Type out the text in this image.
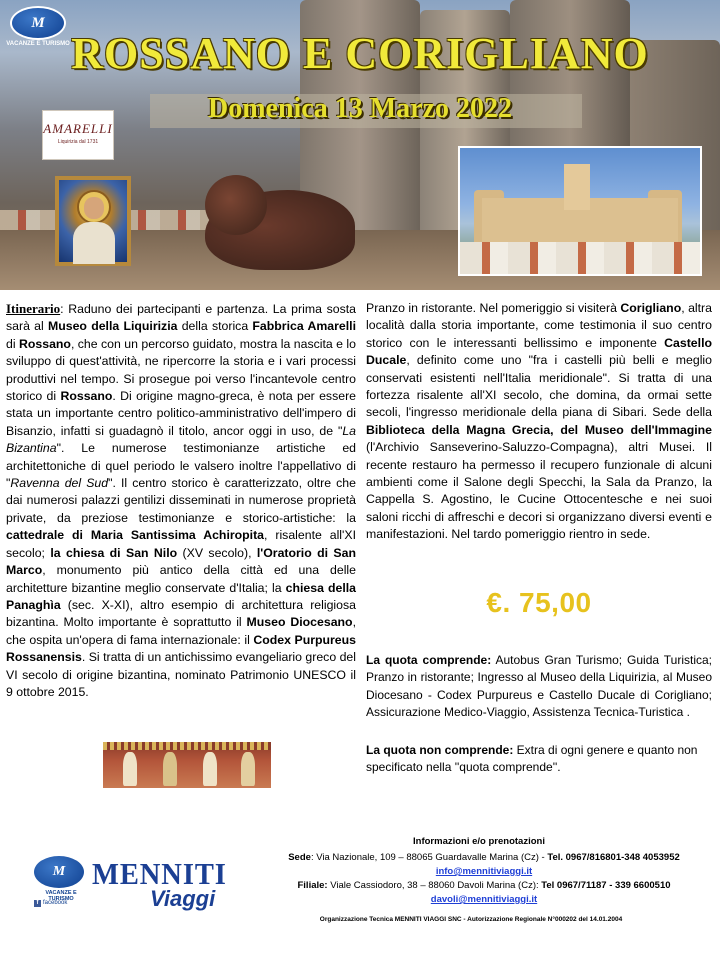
M
VACANZE E TURISMO ROSSANO E CORIGLIANO
Domenica 13 Marzo 2022
AMARELLI
Liquirizia dal 1731
Itinerario: Raduno dei partecipanti e partenza. La prima sosta sarà al Museo della Liquirizia della storica Fabbrica Amarelli di Rossano, che con un percorso guidato, mostra la nascita e lo sviluppo di quest'attività, ne ripercorre la storia e i vari processi produttivi nel tempo. Si prosegue poi verso l'incantevole centro storico di Rossano. Di origine magno-greca, è nota per essere stata un importante centro politico-amministrativo dell'impero di Bisanzio, infatti si guadagnò il titolo, ancor oggi in uso, de "La Bizantina". Le numerose testimonianze artistiche ed architettoniche di quel periodo le valsero inoltre l'appellativo di "Ravenna del Sud". Il centro storico è caratterizzato, oltre che dai numerosi palazzi gentilizi disseminati in numerose proprietà private, da preziose testimonianze e storico-artistiche: la cattedrale di Maria Santissima Achiropita, risalente all'XI secolo; la chiesa di San Nilo (XV secolo), l'Oratorio di San Marco, monumento più antico della città ed una delle architetture bizantine meglio conservate d'Italia; la chiesa della Panaghìa (sec. X-XI), altro esempio di architettura religiosa bizantina. Molto importante è soprattutto il Museo Diocesano, che ospita un'opera di fama internazionale: il Codex Purpureus Rossanensis. Si tratta di un antichissimo evangeliario greco del VI secolo di origine bizantina, nominato Patrimonio UNESCO il 9 ottobre 2015.
Pranzo in ristorante. Nel pomeriggio si visiterà Corigliano, altra località dalla storia importante, come testimonia il suo centro storico con le interessanti bellissimo e imponente Castello Ducale, definito come uno "fra i castelli più belli e meglio conservati esistenti nell'Italia meridionale". Si tratta di una fortezza risalente all'XI secolo, che domina, da ormai sette secoli, l'ingresso meridionale della piana di Sibari. Sede della Biblioteca della Magna Grecia, del Museo dell'Immagine (l'Archivio Sanseverino-Saluzzo-Compagna), altri Musei. Il recente restauro ha permesso il recupero funzionale di alcuni ambienti come il Salone degli Specchi, la Sala da Pranzo, la Cappella S. Agostino, le Cucine Ottocentesche e nei suoi saloni ricchi di affreschi e decori si organizzano diversi eventi e manifestazioni. Nel tardo pomeriggio rientro in sede.
€. 75,00
La quota comprende: Autobus Gran Turismo; Guida Turistica; Pranzo in ristorante; Ingresso al Museo della Liquirizia, al Museo Diocesano - Codex Purpureus e Castello Ducale di Corigliano; Assicurazione Medico-Viaggio, Assistenza Tecnica-Turistica .
La quota non comprende: Extra di ogni genere e quanto non specificato nella ''quota comprende''.
M
VACANZE E TURISMO
f facebook
MENNITI
Viaggi
Informazioni e/o prenotazioni
Sede: Via Nazionale, 109 – 88065 Guardavalle Marina (Cz) - Tel. 0967/816801-348 4053952
info@mennitiviaggi.it
Filiale: Viale Cassiodoro, 38 – 88060 Davoli Marina (Cz): Tel 0967/71187 - 339 6600510
davoli@mennitiviaggi.it
Organizzazione Tecnica MENNITI VIAGGI SNC - Autorizzazione Regionale N°000202 del 14.01.2004
